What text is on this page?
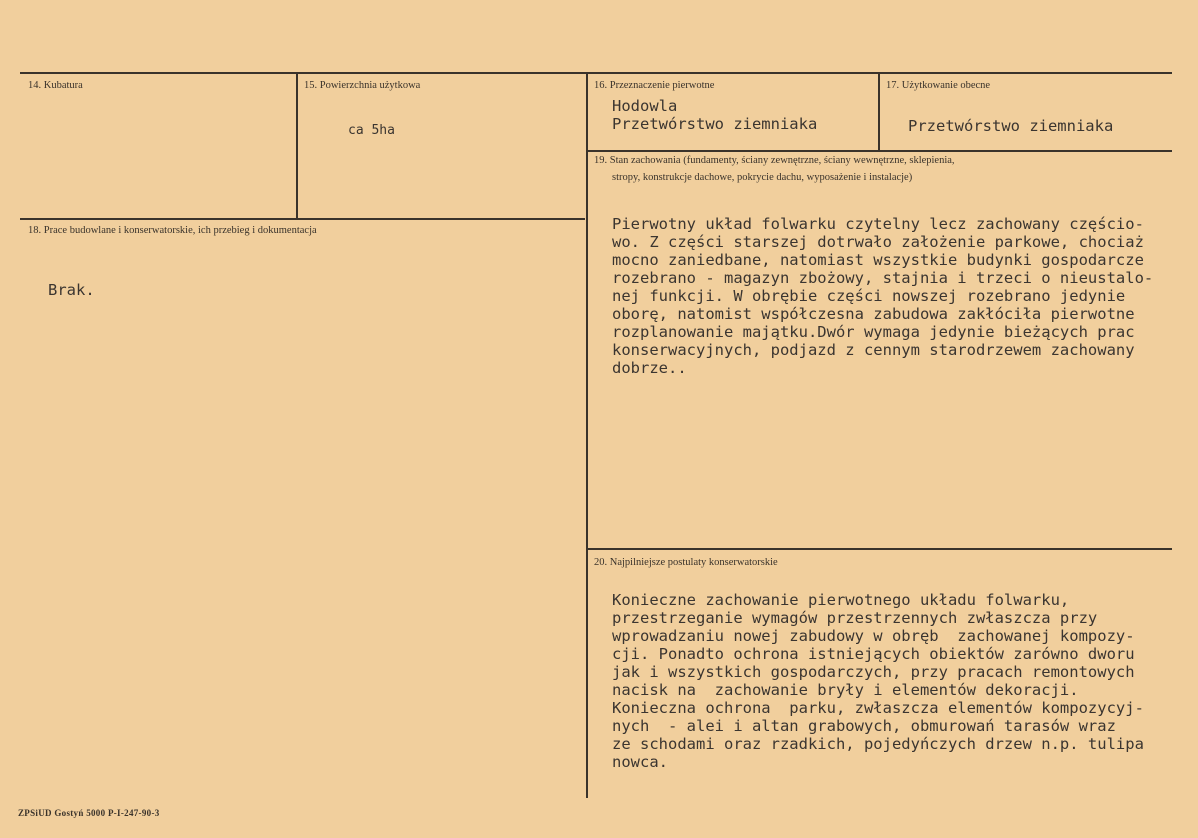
14. Kubatura	15. Powierzchnia użytkowa
ca 5ha
16. Przeznaczenie pierwotne
Hodowla
Przetwórstwo ziemniaka
17. Użytkowanie obecne
Przetwórstwo ziemniaka
19. Stan zachowania (fundamenty, ściany zewnętrzne, ściany wewnętrzne, sklepienia,
stropy, konstrukcje dachowe, pokrycie dachu, wyposażenie i instalacje)
Pierwotny układ folwarku czytelny lecz zachowany częścio-
wo. Z części starszej dotrwało założenie parkowe, chociaż
mocno zaniedbane, natomiast wszystkie budynki gospodarcze
rozebrano - magazyn zbożowy, stajnia i trzeci o nieustalo-
nej funkcji. W obrębie części nowszej rozebrano jedynie
oborę, natomist współczesna zabudowa zakłóciła pierwotne
rozplanowanie majątku.Dwór wymaga jedynie bieżących prac
konserwacyjnych, podjazd z cennym starodrzewem zachowany
dobrze..
18. Prace budowlane i konserwatorskie, ich przebieg i dokumentacja
Brak.
20. Najpilniejsze postulaty konserwatorskie
Konieczne zachowanie pierwotnego układu folwarku,
przestrzeganie wymagów przestrzennych zwłaszcza przy
wprowadzaniu nowej zabudowy w obręb  zachowanej kompozy-
cji. Ponadto ochrona istniejących obiektów zarówno dworu
jak i wszystkich gospodarczych, przy pracach remontowych
nacisk na  zachowanie bryły i elementów dekoracji.
Konieczna ochrona  parku, zwłaszcza elementów kompozycyj-
nych  - alei i altan grabowych, obmurowań tarasów wraz
ze schodami oraz rzadkich, pojedyńczych drzew n.p. tulipa
nowca.
ZPSiUD Gostyń 5000 P-I-247-90-3
